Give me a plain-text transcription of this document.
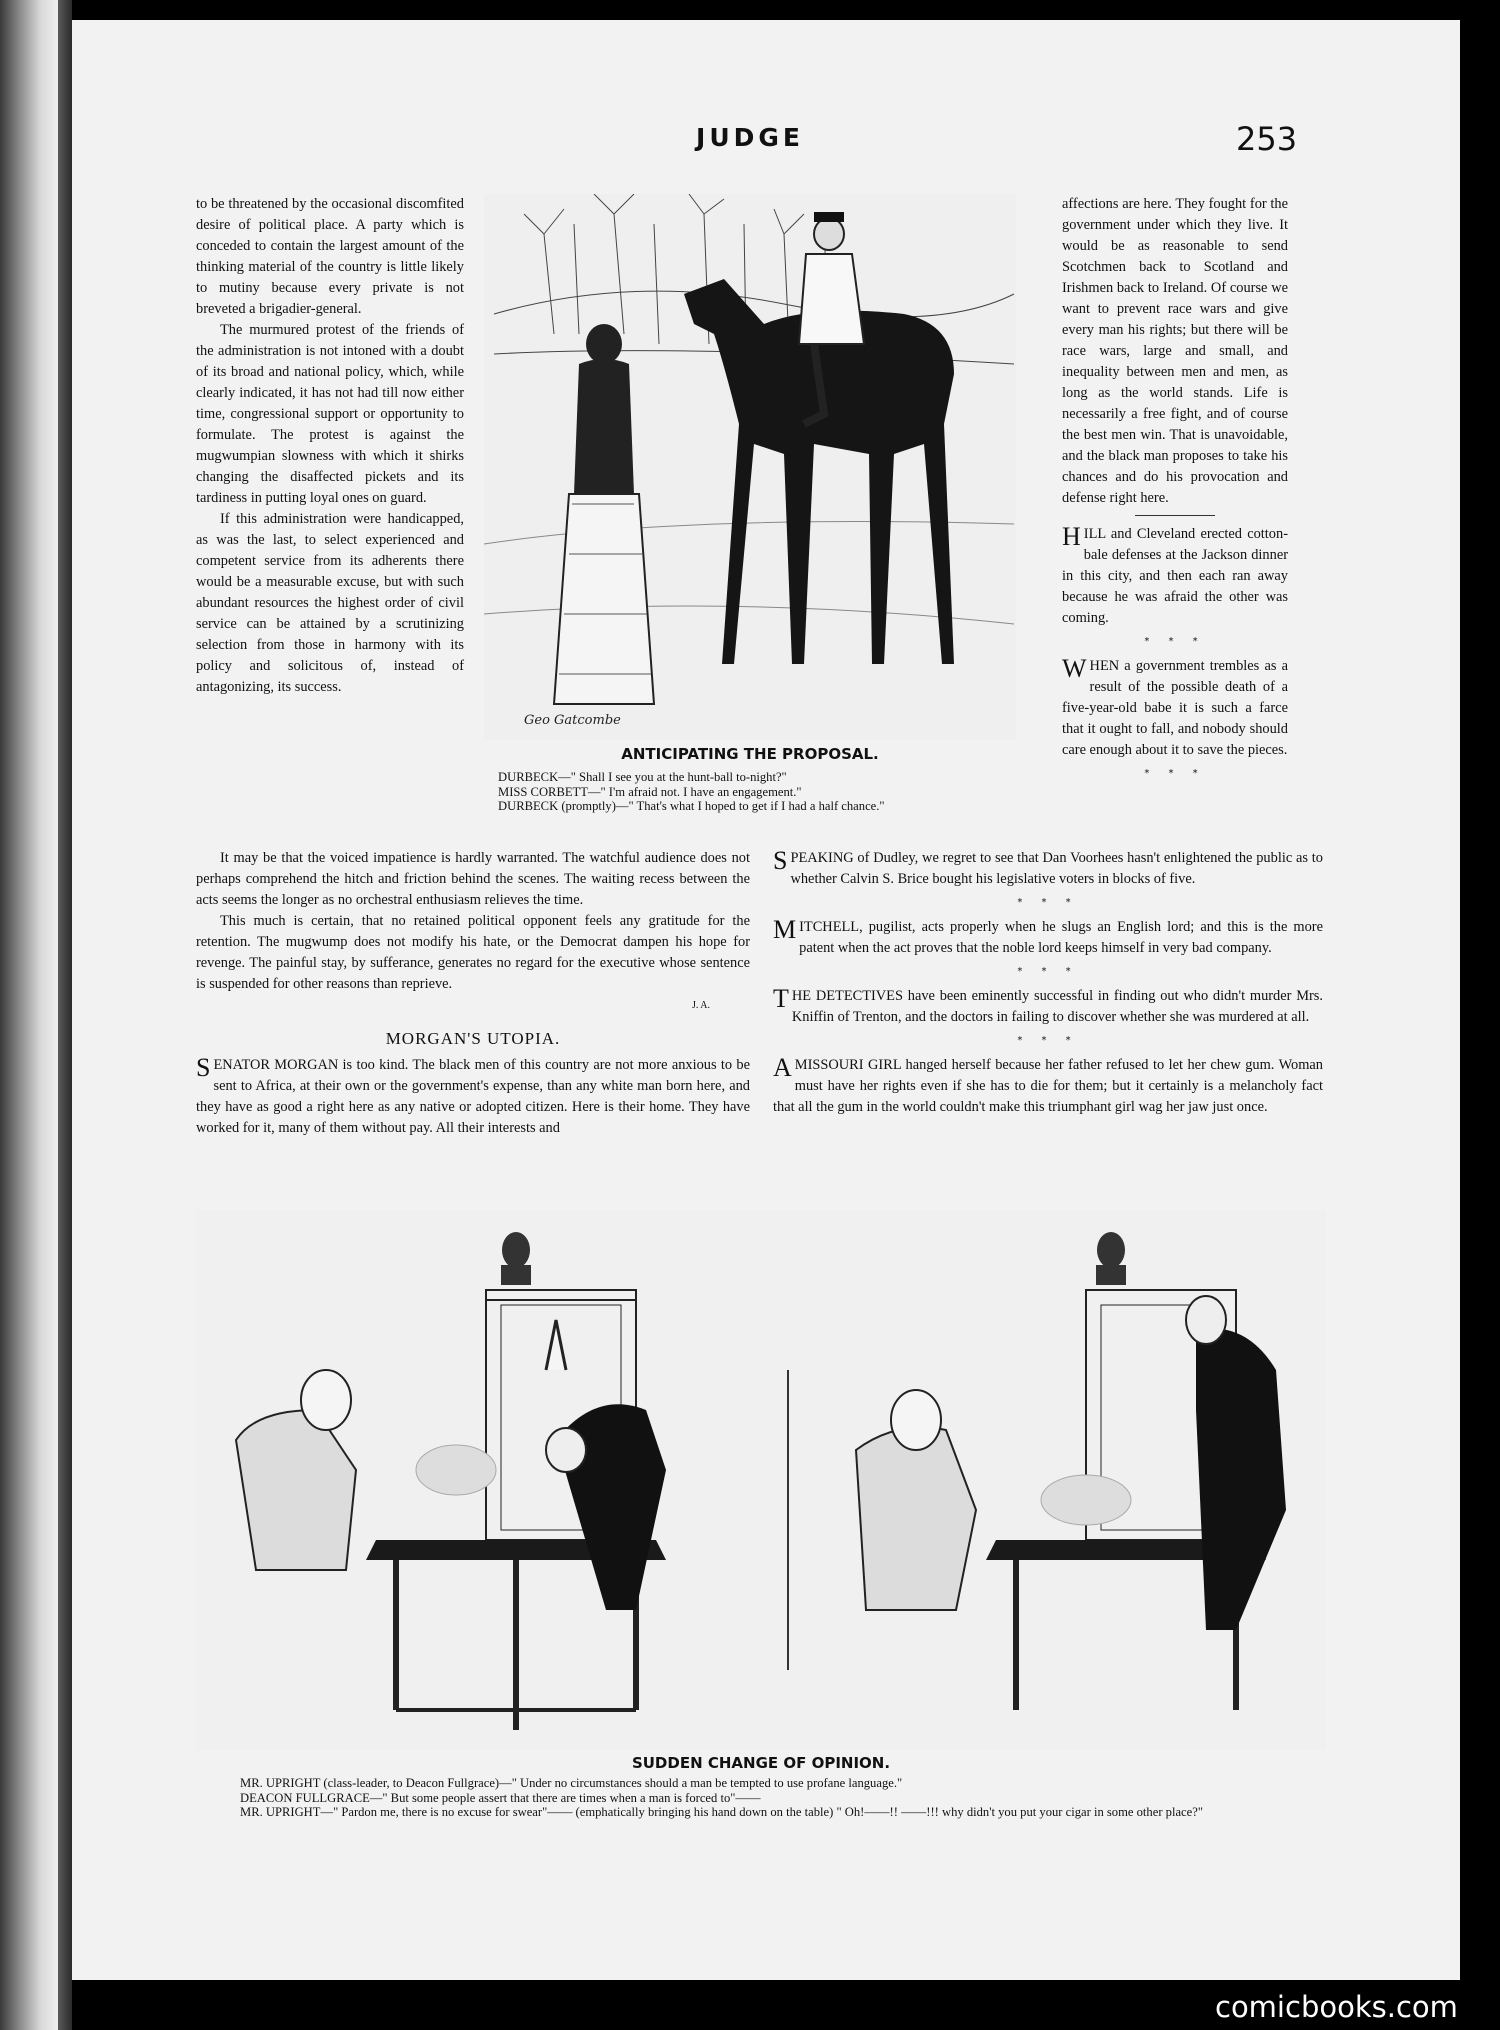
JUDGE	253

to be threatened by the occasional discomfited desire of political place. A party which is conceded to contain the largest amount of the thinking material of the country is little likely to mutiny because every private is not breveted a brigadier-general.

The murmured protest of the friends of the administration is not intoned with a doubt of its broad and national policy, which, while clearly indicated, it has not had till now either time, congressional support or opportunity to formulate. The protest is against the mugwumpian slowness with which it shirks changing the disaffected pickets and its tardiness in putting loyal ones on guard.

If this administration were handicapped, as was the last, to select experienced and competent service from its adherents there would be a measurable excuse, but with such abundant resources the highest order of civil service can be attained by a scrutinizing selection from those in harmony with its policy and solicitous of, instead of antagonizing, its success.

Geo Gatcombe
ANTICIPATING THE PROPOSAL.
DURBECK—" Shall I see you at the hunt-ball to-night?"
MISS CORBETT—" I'm afraid not. I have an engagement."
DURBECK (promptly)—" That's what I hoped to get if I had a half chance."

affections are here. They fought for the government under which they live. It would be as reasonable to send Scotchmen back to Scotland and Irishmen back to Ireland. Of course we want to prevent race wars and give every man his rights; but there will be race wars, large and small, and inequality between men and men, as long as the world stands. Life is necessarily a free fight, and of course the best men win. That is unavoidable, and the black man proposes to take his chances and do his provocation and defense right here.

HILL and Cleveland erected cotton-bale defenses at the Jackson dinner in this city, and then each ran away because he was afraid the other was coming.

* * *

WHEN a government trembles as a result of the possible death of a five-year-old babe it is such a farce that it ought to fall, and nobody should care enough about it to save the pieces.

* * *

It may be that the voiced impatience is hardly warranted. The watchful audience does not perhaps comprehend the hitch and friction behind the scenes. The waiting recess between the acts seems the longer as no orchestral enthusiasm relieves the time.

This much is certain, that no retained political opponent feels any gratitude for the retention. The mugwump does not modify his hate, or the Democrat dampen his hope for revenge. The painful stay, by sufferance, generates no regard for the executive whose sentence is suspended for other reasons than reprieve.

J. A.
MORGAN'S UTOPIA.

SENATOR MORGAN is too kind. The black men of this country are not more anxious to be sent to Africa, at their own or the government's expense, than any white man born here, and they have as good a right here as any native or adopted citizen. Here is their home. They have worked for it, many of them without pay. All their interests and

SPEAKING of Dudley, we regret to see that Dan Voorhees hasn't enlightened the public as to whether Calvin S. Brice bought his legislative voters in blocks of five.

* * *

MITCHELL, pugilist, acts properly when he slugs an English lord; and this is the more patent when the act proves that the noble lord keeps himself in very bad company.

* * *

THE DETECTIVES have been eminently successful in finding out who didn't murder Mrs. Kniffin of Trenton, and the doctors in failing to discover whether she was murdered at all.

* * *

A MISSOURI GIRL hanged herself because her father refused to let her chew gum. Woman must have her rights even if she has to die for them; but it certainly is a melancholy fact that all the gum in the world couldn't make this triumphant girl wag her jaw just once.

SUDDEN CHANGE OF OPINION.
MR. UPRIGHT (class-leader, to Deacon Fullgrace)—" Under no circumstances should a man be tempted to use profane language."
DEACON FULLGRACE—" But some people assert that there are times when a man is forced to"——
MR. UPRIGHT—" Pardon me, there is no excuse for swear"—— (emphatically bringing his hand down on the table) " Oh!——!! ——!!! why didn't you put your cigar in some other place?"
comicbooks.com
